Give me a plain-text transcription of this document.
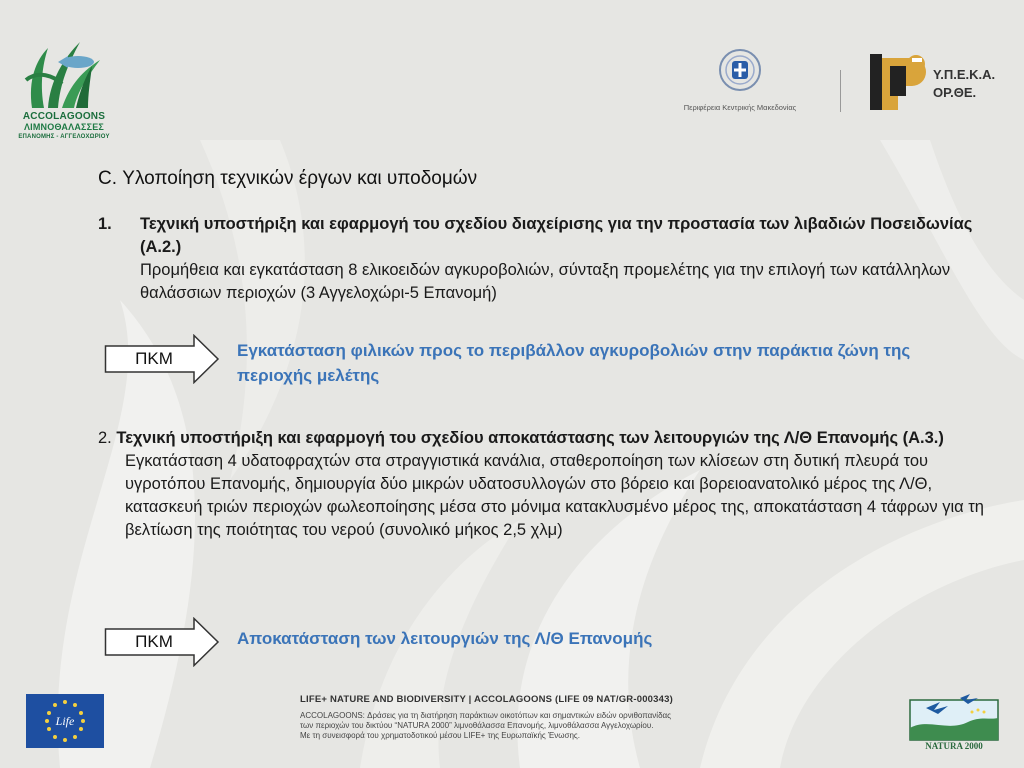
ACCOLAGOONS
ΛΙΜΝΟΘΑΛΑΣΣΕΣ
ΕΠΑΝΟΜΗΣ - ΑΓΓΕΛΟΧΩΡΙΟΥ
Περιφέρεια Κεντρικής Μακεδονίας
Υ.Π.Ε.Κ.Α.
ΟΡ.ΘΕ.
C. Υλοποίηση τεχνικών έργων και υποδομών
1. Τεχνική υποστήριξη και εφαρμογή του σχεδίου διαχείρισης για την προστασία των λιβαδιών Ποσειδωνίας (Α.2.)
Προμήθεια και εγκατάσταση 8 ελικοειδών αγκυροβολιών, σύνταξη προμελέτης για την επιλογή των κατάλληλων θαλάσσιων περιοχών (3 Αγγελοχώρι-5 Επανομή)
ΠΚΜ	Εγκατάσταση φιλικών προς το περιβάλλον αγκυροβολιών στην παράκτια ζώνη της περιοχής μελέτης
2. Τεχνική υποστήριξη και εφαρμογή του σχεδίου αποκατάστασης των λειτουργιών της Λ/Θ Επανομής (Α.3.)
Εγκατάσταση 4 υδατοφραχτών στα στραγγιστικά κανάλια, σταθεροποίηση των κλίσεων στη δυτική πλευρά του υγροτόπου Επανομής, δημιουργία δύο μικρών υδατοσυλλογών στο βόρειο και βορειοανατολικό μέρος της Λ/Θ, κατασκευή τριών περιοχών φωλεοποίησης μέσα στο μόνιμα κατακλυσμένο μέρος της, αποκατάσταση 4 τάφρων για τη βελτίωση της ποιότητας του νερού (συνολικό μήκος 2,5 χλμ)
ΠΚΜ	Αποκατάσταση των λειτουργιών της Λ/Θ Επανομής
Life
LIFE+ NATURE AND BIODIVERSITY | ACCOLAGOONS (LIFE 09 NAT/GR-000343)
ACCOLAGOONS: Δράσεις για τη διατήρηση παράκτιων οικοτόπων και σημαντικών ειδών ορνιθοπανίδας
των περιοχών του δικτύου “NATURA 2000” λιμνοθάλασσα Επανομής, λιμνοθάλασσα Αγγελοχωρίου.
Με τη συνεισφορά του χρηματοδοτικού μέσου LIFE+ της Ευρωπαϊκής Ένωσης.
NATURA 2000
